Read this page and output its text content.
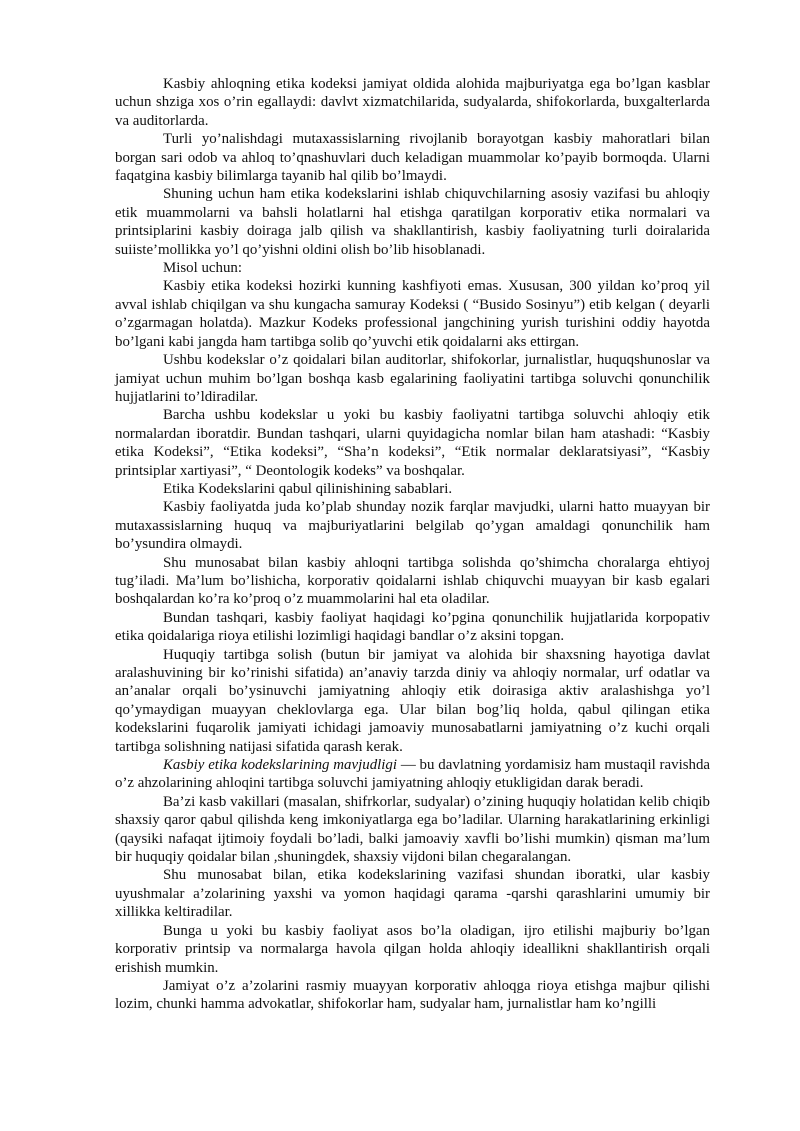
Kasbiy ahloqning etika kodeksi jamiyat oldida alohida majburiyatga ega bo’lgan kasblar uchun shziga xos o’rin egallaydi: davlvt xizmatchilarida, sudyalarda, shifokorlarda, buxgalterlarda va auditorlarda.

Turli yo’nalishdagi mutaxassislarning rivojlanib borayotgan kasbiy mahoratlari bilan borgan sari odob va ahloq to’qnashuvlari duch keladigan muammolar ko’payib bormoqda. Ularni faqatgina kasbiy bilimlarga tayanib hal qilib bo’lmaydi.

Shuning uchun ham etika kodekslarini ishlab chiquvchilarning asosiy vazifasi bu ahloqiy etik muammolarni va bahsli holatlarni hal etishga qaratilgan korporativ etika normalari va printsiplarini kasbiy doiraga jalb qilish va shakllantirish, kasbiy faoliyatning turli doiralarida suiiste’mollikka yo’l qo’yishni oldini olish bo’lib hisoblanadi.

Misol uchun:

Kasbiy etika kodeksi hozirki kunning kashfiyoti emas. Xususan, 300 yildan ko’proq yil avval ishlab chiqilgan va shu kungacha samuray Kodeksi ( “Busido Sosinyu”) etib kelgan ( deyarli o’zgarmagan holatda). Mazkur Kodeks professional jangchining yurish turishini oddiy hayotda bo’lgani kabi jangda ham tartibga solib qo’yuvchi etik qoidalarni aks ettirgan.

Ushbu kodekslar o’z qoidalari bilan auditorlar, shifokorlar, jurnalistlar, huquqshunoslar va jamiyat uchun muhim bo’lgan boshqa kasb egalarining faoliyatini tartibga soluvchi qonunchilik hujjatlarini to’ldiradilar.

Barcha ushbu kodekslar u yoki bu kasbiy faoliyatni tartibga soluvchi ahloqiy etik normalardan iboratdir. Bundan tashqari, ularni quyidagicha nomlar bilan ham atashadi: “Kasbiy etika Kodeksi”, “Etika kodeksi”, “Sha’n kodeksi”, “Etik normalar deklaratsiyasi”, “Kasbiy printsiplar xartiyasi”, “ Deontologik kodeks” va boshqalar.

Etika Kodekslarini qabul qilinishining sabablari.

Kasbiy faoliyatda juda ko’plab shunday nozik farqlar mavjudki, ularni hatto muayyan bir mutaxassislarning huquq va majburiyatlarini belgilab qo’ygan amaldagi qonunchilik ham bo’ysundira olmaydi.

Shu munosabat bilan kasbiy ahloqni tartibga solishda qo’shimcha choralarga ehtiyoj tug’iladi. Ma’lum bo’lishicha, korporativ qoidalarni ishlab chiquvchi muayyan bir kasb egalari boshqalardan ko’ra ko’proq o’z muammolarini hal eta oladilar.

Bundan tashqari, kasbiy faoliyat haqidagi ko’pgina qonunchilik hujjatlarida korpopativ etika qoidalariga rioya etilishi lozimligi haqidagi bandlar o’z aksini topgan.

Huquqiy tartibga solish (butun bir jamiyat va alohida bir shaxsning hayotiga davlat aralashuvining bir ko’rinishi sifatida) an’anaviy tarzda diniy va ahloqiy normalar, urf odatlar va an’analar orqali bo’ysinuvchi jamiyatning ahloqiy etik doirasiga aktiv aralashishga yo’l qo’ymaydigan muayyan cheklovlarga ega. Ular bilan bog’liq holda, qabul qilingan etika kodekslarini fuqarolik jamiyati ichidagi jamoaviy munosabatlarni jamiyatning o’z kuchi orqali tartibga solishning natijasi sifatida qarash kerak.

Kasbiy etika kodekslarining mavjudligi — bu davlatning yordamisiz ham mustaqil ravishda o’z ahzolarining ahloqini tartibga soluvchi jamiyatning ahloqiy etukligidan darak beradi.

Ba’zi kasb vakillari (masalan, shifrkorlar, sudyalar) o’zining huquqiy holatidan kelib chiqib shaxsiy qaror qabul qilishda keng imkoniyatlarga ega bo’ladilar. Ularning harakatlarining erkinligi (qaysiki nafaqat ijtimoiy foydali bo’ladi, balki jamoaviy xavfli bo’lishi mumkin) qisman ma’lum bir huquqiy qoidalar bilan ,shuningdek, shaxsiy vijdoni bilan chegaralangan.

Shu munosabat bilan, etika kodekslarining vazifasi shundan iboratki, ular kasbiy uyushmalar a’zolarining yaxshi va yomon haqidagi qarama -qarshi qarashlarini umumiy bir xillikka keltiradilar.

Bunga u yoki bu kasbiy faoliyat asos bo’la oladigan, ijro etilishi majburiy bo’lgan korporativ printsip va normalarga havola qilgan holda ahloqiy ideallikni shakllantirish orqali erishish mumkin.

Jamiyat o’z a’zolarini rasmiy muayyan korporativ ahloqga rioya etishga majbur qilishi lozim, chunki hamma advokatlar, shifokorlar ham, sudyalar ham, jurnalistlar ham ko’ngilli
